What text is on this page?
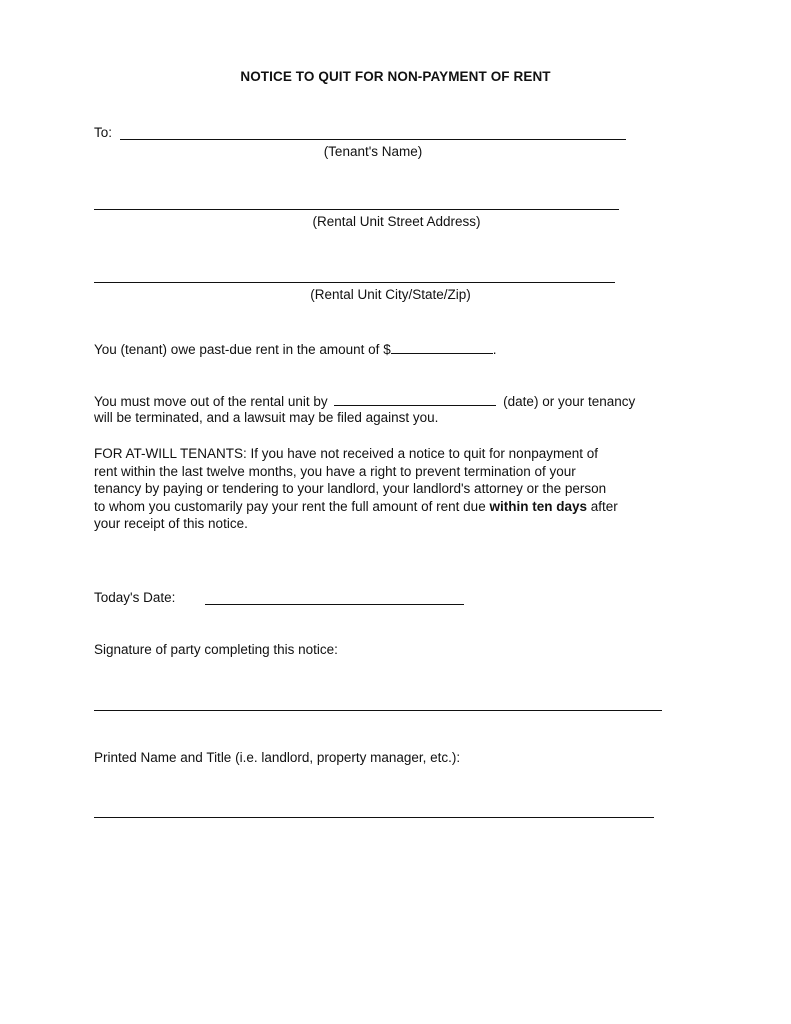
NOTICE TO QUIT FOR NON-PAYMENT OF RENT
To:
(Tenant's Name)
(Rental Unit Street Address)
(Rental Unit City/State/Zip)
You (tenant) owe past-due rent in the amount of $	.
You must move out of the rental unit by	(date) or your tenancy
will be terminated, and a lawsuit may be filed against you.
FOR AT-WILL TENANTS: If you have not received a notice to quit for nonpayment of
rent within the last twelve months, you have a right to prevent termination of your
tenancy by paying or tendering to your landlord, your landlord's attorney or the person
to whom you customarily pay your rent the full amount of rent due within ten days after
your receipt of this notice.
Today's Date:
Signature of party completing this notice:
Printed Name and Title (i.e. landlord, property manager, etc.):
